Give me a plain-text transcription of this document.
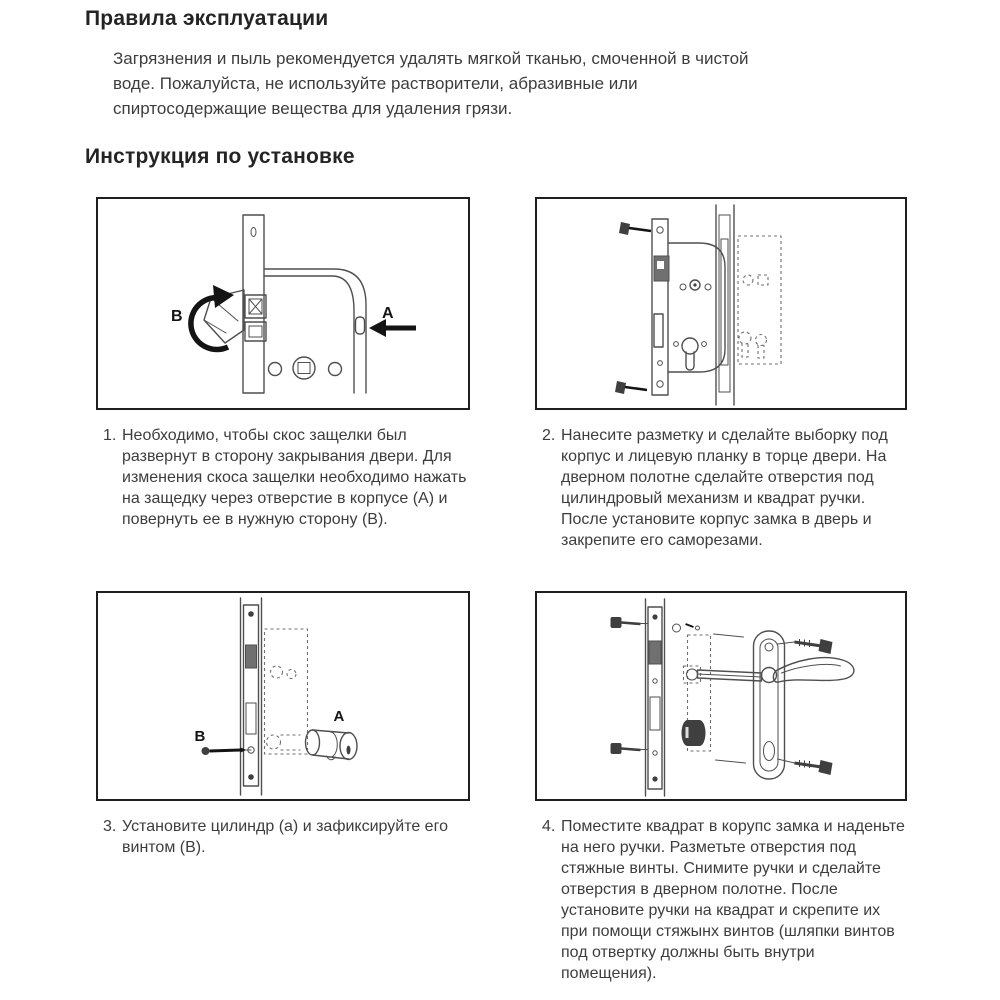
Правила эксплуатации

Загрязнения и пыль рекомендуется удалять мягкой тканью, смоченной в чистой воде. Пожалуйста, не используйте растворители, абразивные или спиртосодержащие вещества для удаления грязи.

Инструкция по установке
B	A
1. Необходимо, чтобы скос защелки был развернут в сторону закрывания двери. Для изменения скоса защелки необходимо нажать на защедку через отверстие в корпусе (А) и повернуть ее в нужную сторону (В).
2. Нанесите разметку и сделайте выборку под корпус и лицевую планку в торце двери. На дверном полотне сделайте отверстия под цилиндровый механизм и квадрат ручки. После установите корпус замка в дверь и закрепите его саморезами.
A
B
3. Установите цилиндр (а) и зафиксируйте его винтом (В).
4. Поместите квадрат в корупс замка и наденьте на него ручки. Разметьте отверстия под стяжные винты. Снимите ручки и сделайте отверстия в дверном полотне. После установите ручки на квадрат и скрепите их при помощи стяжынх винтов (шляпки винтов под отвертку должны быть внутри помещения).
